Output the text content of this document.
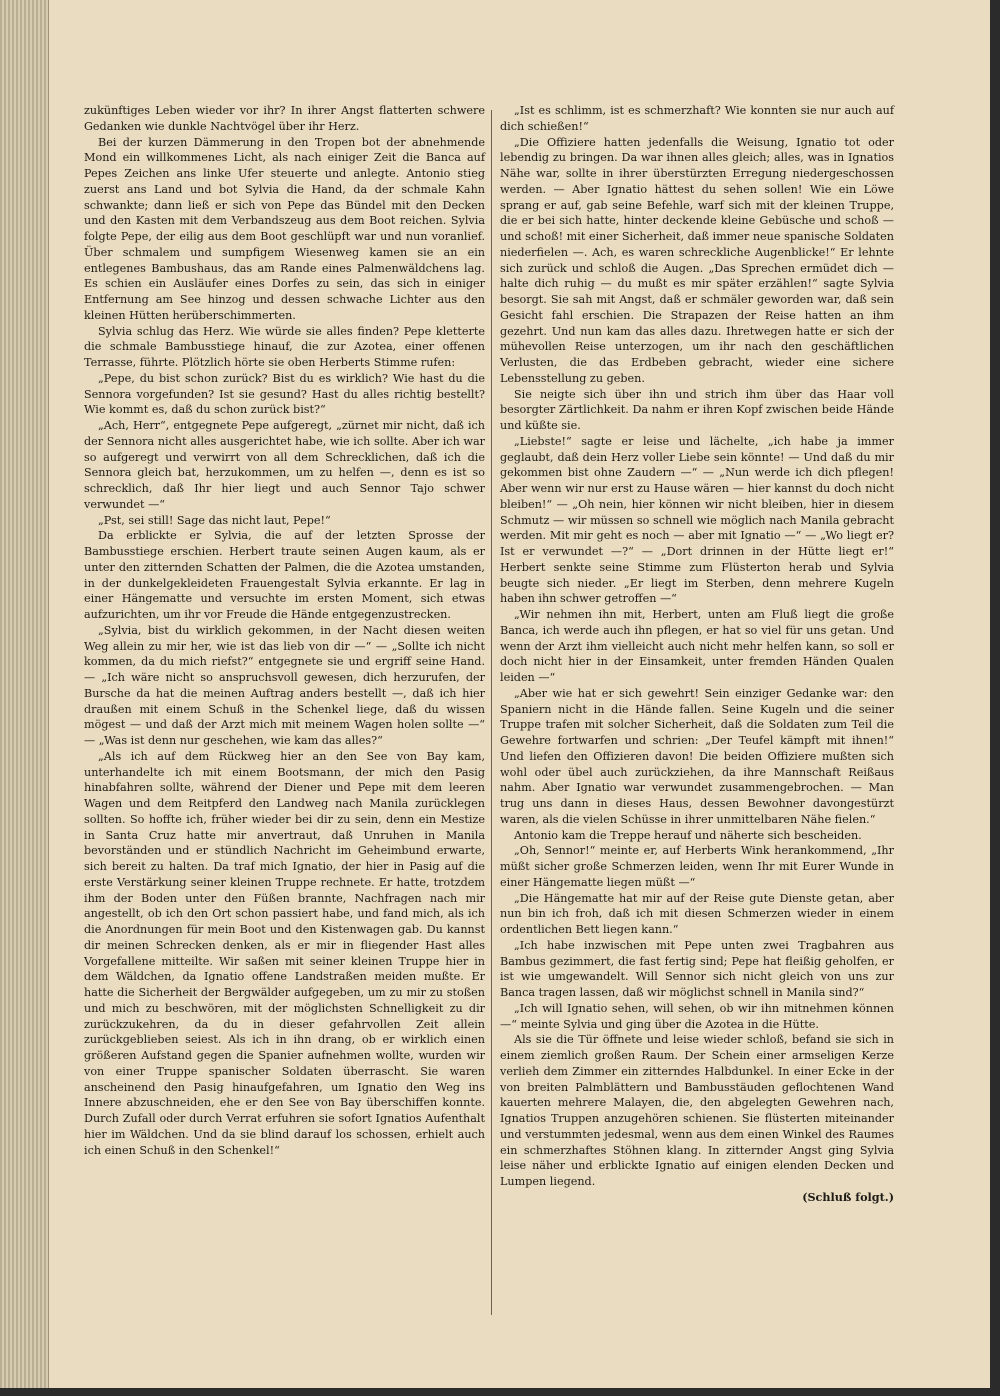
zukünftiges Leben wieder vor ihr? In ihrer Angst flatterten schwere Gedanken wie dunkle Nachtvögel über ihr Herz.

Bei der kurzen Dämmerung in den Tropen bot der abnehmende Mond ein willkommenes Licht, als nach einiger Zeit die Banca auf Pepes Zeichen ans linke Ufer steuerte und anlegte. Antonio stieg zuerst ans Land und bot Sylvia die Hand, da der schmale Kahn schwankte; dann ließ er sich von Pepe das Bündel mit den Decken und den Kasten mit dem Verbandszeug aus dem Boot reichen. Sylvia folgte Pepe, der eilig aus dem Boot geschlüpft war und nun voranlief. Über schmalem und sumpfigem Wiesenweg kamen sie an ein entlegenes Bambushaus, das am Rande eines Palmenwäldchens lag. Es schien ein Ausläufer eines Dorfes zu sein, das sich in einiger Entfernung am See hinzog und dessen schwache Lichter aus den kleinen Hütten herüberschimmerten.

Sylvia schlug das Herz. Wie würde sie alles finden? Pepe kletterte die schmale Bambusstiege hinauf, die zur Azotea, einer offenen Terrasse, führte. Plötzlich hörte sie oben Herberts Stimme rufen:

„Pepe, du bist schon zurück? Bist du es wirklich? Wie hast du die Sennora vorgefunden? Ist sie gesund? Hast du alles richtig bestellt? Wie kommt es, daß du schon zurück bist?“

„Ach, Herr“, entgegnete Pepe aufgeregt, „zürnet mir nicht, daß ich der Sennora nicht alles ausgerichtet habe, wie ich sollte. Aber ich war so aufgeregt und verwirrt von all dem Schrecklichen, daß ich die Sennora gleich bat, herzukommen, um zu helfen —, denn es ist so schrecklich, daß Ihr hier liegt und auch Sennor Tajo schwer verwundet —“

„Pst, sei still! Sage das nicht laut, Pepe!“

Da erblickte er Sylvia, die auf der letzten Sprosse der Bambusstiege erschien. Herbert traute seinen Augen kaum, als er unter den zitternden Schatten der Palmen, die die Azotea umstanden, in der dunkelgekleideten Frauengestalt Sylvia erkannte. Er lag in einer Hängematte und versuchte im ersten Moment, sich etwas aufzurichten, um ihr vor Freude die Hände entgegenzustrecken.

„Sylvia, bist du wirklich gekommen, in der Nacht diesen weiten Weg allein zu mir her, wie ist das lieb von dir —“ — „Sollte ich nicht kommen, da du mich riefst?“ entgegnete sie und ergriff seine Hand. — „Ich wäre nicht so anspruchsvoll gewesen, dich herzurufen, der Bursche da hat die meinen Auftrag anders bestellt —, daß ich hier draußen mit einem Schuß in the Schenkel liege, daß du wissen mögest — und daß der Arzt mich mit meinem Wagen holen sollte —“ — „Was ist denn nur geschehen, wie kam das alles?“

„Als ich auf dem Rückweg hier an den See von Bay kam, unterhandelte ich mit einem Bootsmann, der mich den Pasig hinabfahren sollte, während der Diener und Pepe mit dem leeren Wagen und dem Reitpferd den Landweg nach Manila zurücklegen sollten. So hoffte ich, früher wieder bei dir zu sein, denn ein Mestize in Santa Cruz hatte mir anvertraut, daß Unruhen in Manila bevorständen und er stündlich Nachricht im Geheimbund erwarte, sich bereit zu halten. Da traf mich Ignatio, der hier in Pasig auf die erste Verstärkung seiner kleinen Truppe rechnete. Er hatte, trotzdem ihm der Boden unter den Füßen brannte, Nachfragen nach mir angestellt, ob ich den Ort schon passiert habe, und fand mich, als ich die Anordnungen für mein Boot und den Kistenwagen gab. Du kannst dir meinen Schrecken denken, als er mir in fliegender Hast alles Vorgefallene mitteilte. Wir saßen mit seiner kleinen Truppe hier in dem Wäldchen, da Ignatio offene Landstraßen meiden mußte. Er hatte die Sicherheit der Bergwälder aufgegeben, um zu mir zu stoßen und mich zu beschwören, mit der möglichsten Schnelligkeit zu dir zurückzukehren, da du in dieser gefahrvollen Zeit allein zurückgeblieben seiest. Als ich in ihn drang, ob er wirklich einen größeren Aufstand gegen die Spanier aufnehmen wollte, wurden wir von einer Truppe spanischer Soldaten überrascht. Sie waren anscheinend den Pasig hinaufgefahren, um Ignatio den Weg ins Innere abzuschneiden, ehe er den See von Bay überschiffen konnte. Durch Zufall oder durch Verrat erfuhren sie sofort Ignatios Aufenthalt hier im Wäldchen. Und da sie blind darauf los schossen, erhielt auch ich einen Schuß in den Schenkel!“

„Ist es schlimm, ist es schmerzhaft? Wie konnten sie nur auch auf dich schießen!“

„Die Offiziere hatten jedenfalls die Weisung, Ignatio tot oder lebendig zu bringen. Da war ihnen alles gleich; alles, was in Ignatios Nähe war, sollte in ihrer überstürzten Erregung niedergeschossen werden. — Aber Ignatio hättest du sehen sollen! Wie ein Löwe sprang er auf, gab seine Befehle, warf sich mit der kleinen Truppe, die er bei sich hatte, hinter deckende kleine Gebüsche und schoß — und schoß! mit einer Sicherheit, daß immer neue spanische Soldaten niederfielen —. Ach, es waren schreckliche Augenblicke!“ Er lehnte sich zurück und schloß die Augen. „Das Sprechen ermüdet dich — halte dich ruhig — du mußt es mir später erzählen!“ sagte Sylvia besorgt. Sie sah mit Angst, daß er schmäler geworden war, daß sein Gesicht fahl erschien. Die Strapazen der Reise hatten an ihm gezehrt. Und nun kam das alles dazu. Ihretwegen hatte er sich der mühevollen Reise unterzogen, um ihr nach den geschäftlichen Verlusten, die das Erdbeben gebracht, wieder eine sichere Lebensstellung zu geben.

Sie neigte sich über ihn und strich ihm über das Haar voll besorgter Zärtlichkeit. Da nahm er ihren Kopf zwischen beide Hände und küßte sie.

„Liebste!“ sagte er leise und lächelte, „ich habe ja immer geglaubt, daß dein Herz voller Liebe sein könnte! — Und daß du mir gekommen bist ohne Zaudern —“ — „Nun werde ich dich pflegen! Aber wenn wir nur erst zu Hause wären — hier kannst du doch nicht bleiben!“ — „Oh nein, hier können wir nicht bleiben, hier in diesem Schmutz — wir müssen so schnell wie möglich nach Manila gebracht werden. Mit mir geht es noch — aber mit Ignatio —“ — „Wo liegt er? Ist er verwundet —?“ — „Dort drinnen in der Hütte liegt er!“ Herbert senkte seine Stimme zum Flüsterton herab und Sylvia beugte sich nieder. „Er liegt im Sterben, denn mehrere Kugeln haben ihn schwer getroffen —“

„Wir nehmen ihn mit, Herbert, unten am Fluß liegt die große Banca, ich werde auch ihn pflegen, er hat so viel für uns getan. Und wenn der Arzt ihm vielleicht auch nicht mehr helfen kann, so soll er doch nicht hier in der Einsamkeit, unter fremden Händen Qualen leiden —“

„Aber wie hat er sich gewehrt! Sein einziger Gedanke war: den Spaniern nicht in die Hände fallen. Seine Kugeln und die seiner Truppe trafen mit solcher Sicherheit, daß die Soldaten zum Teil die Gewehre fortwarfen und schrien: „Der Teufel kämpft mit ihnen!“ Und liefen den Offizieren davon! Die beiden Offiziere mußten sich wohl oder übel auch zurückziehen, da ihre Mannschaft Reißaus nahm. Aber Ignatio war verwundet zusammengebrochen. — Man trug uns dann in dieses Haus, dessen Bewohner davongestürzt waren, als die vielen Schüsse in ihrer unmittelbaren Nähe fielen.“

Antonio kam die Treppe herauf und näherte sich bescheiden.

„Oh, Sennor!“ meinte er, auf Herberts Wink herankommend, „Ihr müßt sicher große Schmerzen leiden, wenn Ihr mit Eurer Wunde in einer Hängematte liegen müßt —“

„Die Hängematte hat mir auf der Reise gute Dienste getan, aber nun bin ich froh, daß ich mit diesen Schmerzen wieder in einem ordentlichen Bett liegen kann.“

„Ich habe inzwischen mit Pepe unten zwei Tragbahren aus Bambus gezimmert, die fast fertig sind; Pepe hat fleißig geholfen, er ist wie umgewandelt. Will Sennor sich nicht gleich von uns zur Banca tragen lassen, daß wir möglichst schnell in Manila sind?“

„Ich will Ignatio sehen, will sehen, ob wir ihn mitnehmen können —“ meinte Sylvia und ging über die Azotea in die Hütte.

Als sie die Tür öffnete und leise wieder schloß, befand sie sich in einem ziemlich großen Raum. Der Schein einer armseligen Kerze verlieh dem Zimmer ein zitterndes Halbdunkel. In einer Ecke in der von breiten Palmblättern und Bambusstäuden geflochtenen Wand kauerten mehrere Malayen, die, den abgelegten Gewehren nach, Ignatios Truppen anzugehören schienen. Sie flüsterten miteinander und verstummten jedesmal, wenn aus dem einen Winkel des Raumes ein schmerzhaftes Stöhnen klang. In zitternder Angst ging Sylvia leise näher und erblickte Ignatio auf einigen elenden Decken und Lumpen liegend.

(Schluß folgt.)
